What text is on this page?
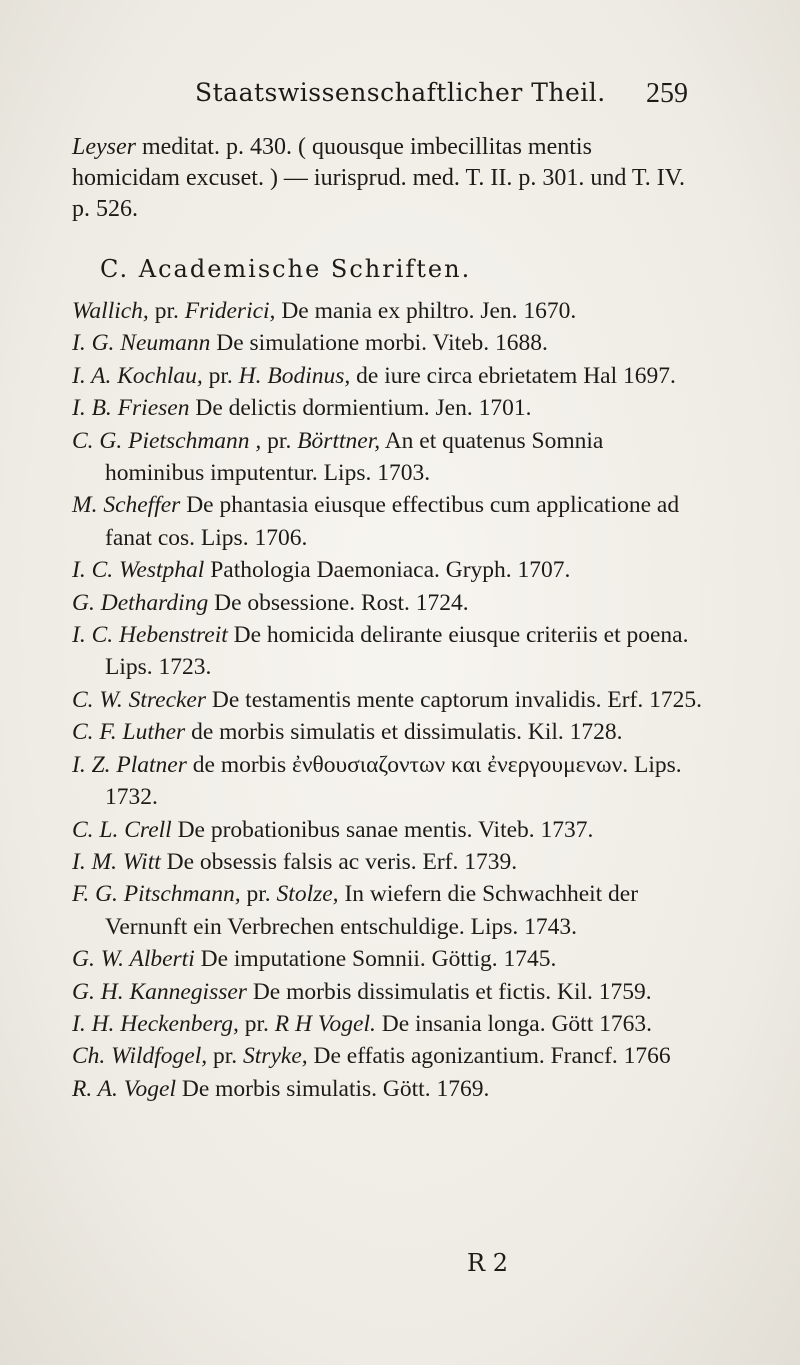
Staatswissenschaftlicher Theil.	259

Leyser meditat. p. 430. ( quousque imbecillitas mentis homicidam excuset. ) — iurisprud. med. T. II. p. 301. und T. IV. p. 526.

C. Academische Schriften.

Wallich, pr. Friderici, De mania ex philtro. Jen. 1670.

I. G. Neumann De simulatione morbi. Viteb. 1688.

I. A. Kochlau, pr. H. Bodinus, de iure circa ebrietatem Hal 1697.

I. B. Friesen De delictis dormientium. Jen. 1701.

C. G. Pietschmann , pr. Börttner, An et quatenus Somnia hominibus imputentur. Lips. 1703.

M. Scheffer De phantasia eiusque effectibus cum applicatione ad fanat cos. Lips. 1706.

I. C. Westphal Pathologia Daemoniaca. Gryph. 1707.

G. Detharding De obsessione. Rost. 1724.

I. C. Hebenstreit De homicida delirante eiusque criteriis et poena. Lips. 1723.

C. W. Strecker De testamentis mente captorum invalidis. Erf. 1725.

C. F. Luther de morbis simulatis et dissimulatis. Kil. 1728.

I. Z. Platner de morbis ἐνθουσιαζοντων και ἐνεργουμενων. Lips. 1732.

C. L. Crell De probationibus sanae mentis. Viteb. 1737.

I. M. Witt De obsessis falsis ac veris. Erf. 1739.

F. G. Pitschmann, pr. Stolze, In wiefern die Schwachheit der Vernunft ein Verbrechen entschuldige. Lips. 1743.

G. W. Alberti De imputatione Somnii. Göttig. 1745.

G. H. Kannegisser De morbis dissimulatis et fictis. Kil. 1759.

I. H. Heckenberg, pr. R H Vogel. De insania longa. Gött 1763.

Ch. Wildfogel, pr. Stryke, De effatis agonizantium. Francf. 1766

R. A. Vogel De morbis simulatis. Gött. 1769.

R 2
